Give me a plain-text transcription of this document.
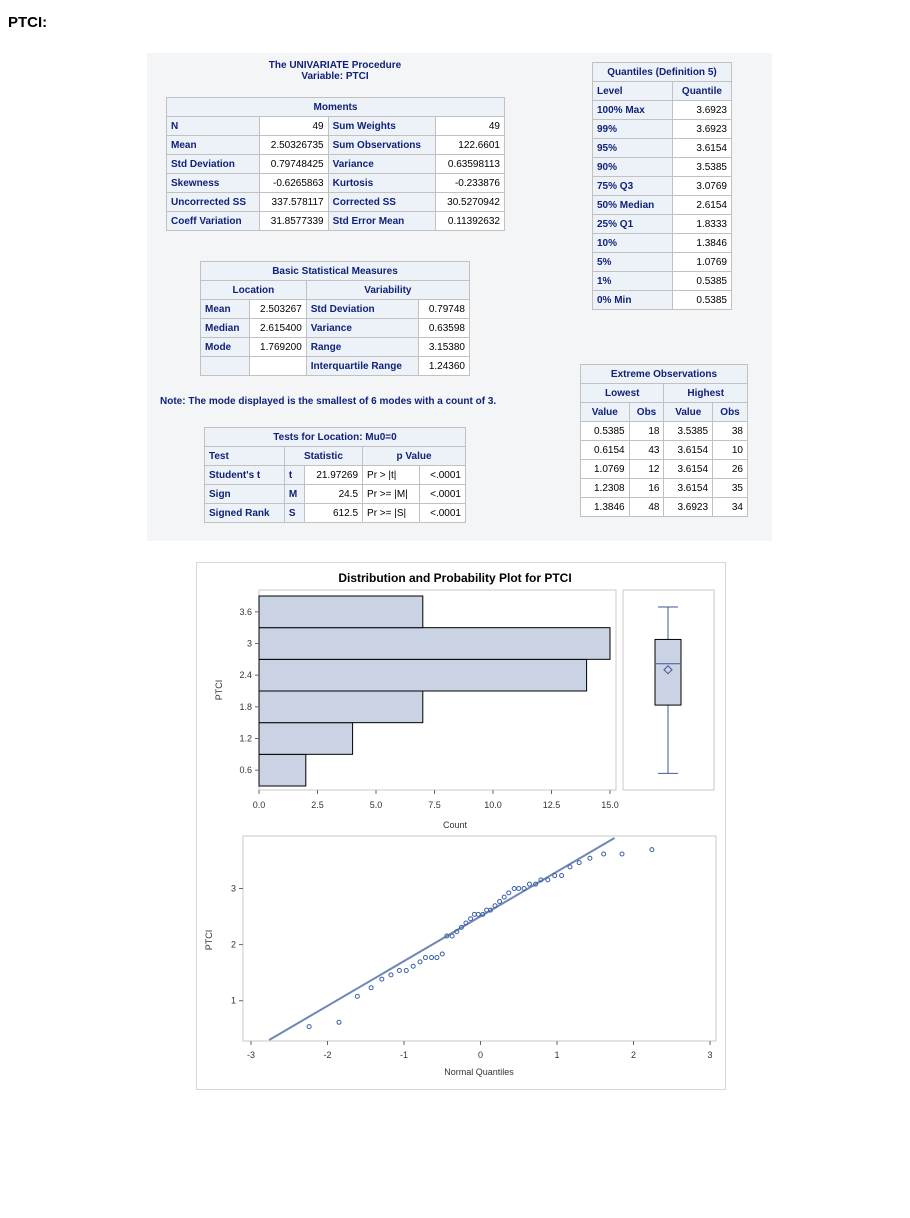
PTCI:
The UNIVARIATE Procedure
Variable: PTCI
Moments			
N	49	Sum Weights	49
Mean	2.50326735	Sum Observations	122.6601
Std Deviation	0.79748425	Variance	0.63598113
Skewness	-0.6265863	Kurtosis	-0.233876
Uncorrected SS	337.578117	Corrected SS	30.5270942
Coeff Variation	31.8577339	Std Error Mean	0.11392632
Basic Statistical Measures			
Location		Variability	
Mean	2.503267	Std Deviation	0.79748
Median	2.615400	Variance	0.63598
Mode	1.769200	Range	3.15380
		Interquartile Range	1.24360
Note: The mode displayed is the smallest of 6 modes with a count of 3.
Tests for Location: Mu0=0				
Test	Statistic		p Value	
Student's t	t	21.97269	Pr > |t|	<.0001
Sign	M	24.5	Pr >= |M|	<.0001
Signed Rank	S	612.5	Pr >= |S|	<.0001
Quantiles (Definition 5)	
Level	Quantile
100% Max	3.6923
99%	3.6923
95%	3.6154
90%	3.5385
75% Q3	3.0769
50% Median	2.6154
25% Q1	1.8333
10%	1.3846
5%	1.0769
1%	0.5385
0% Min	0.5385
Extreme Observations			
Lowest		Highest	
Value	Obs	Value	Obs
0.5385	18	3.5385	38
0.6154	43	3.6154	10
1.0769	12	3.6154	26
1.2308	16	3.6154	35
1.3846	48	3.6923	34
Distribution and Probability Plot for PTCI
0.0	2.5	5.0	7.5	10.0	12.5	15.0
0.6
1.2
1.8
2.4
3
3.6
-3	-2	-1	0	1	2	3
1
2
3
Count
PTCI
Normal Quantiles
PTCI
